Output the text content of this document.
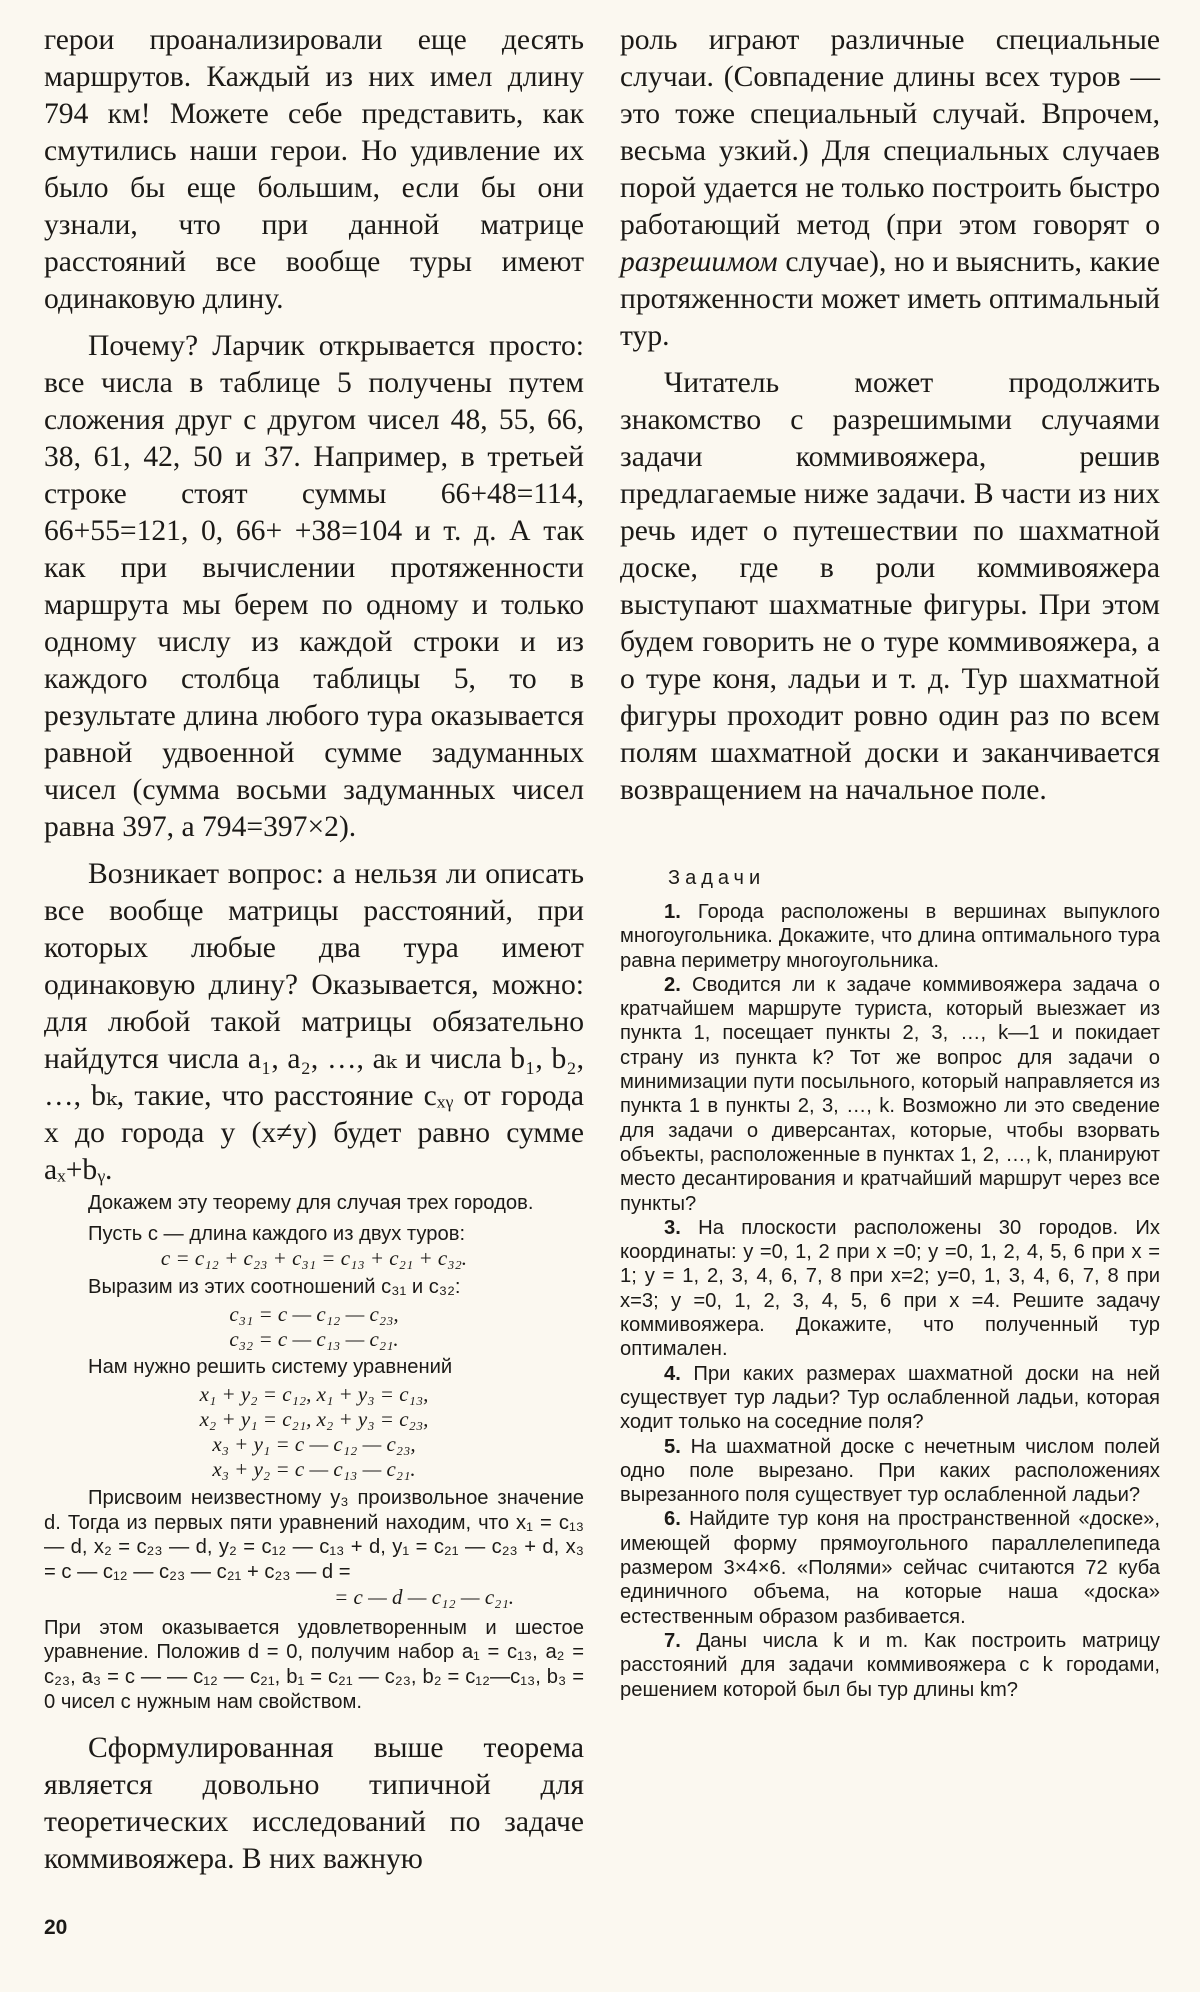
герои проанализировали еще десять маршрутов. Каждый из них имел длину 794 км! Можете себе представить, как смутились наши герои. Но удивление их было бы еще большим, если бы они узнали, что при данной матрице расстояний все вообще туры имеют одинаковую длину.

Почему? Ларчик открывается просто: все числа в таблице 5 получены путем сложения друг с другом чисел 48, 55, 66, 38, 61, 42, 50 и 37. Например, в третьей строке стоят суммы 66+48=114, 66+55=121, 0, 66+ +38=104 и т. д. А так как при вычислении протяженности маршрута мы берем по одному и только одному числу из каждой строки и из каждого столбца таблицы 5, то в результате длина любого тура оказывается равной удвоенной сумме задуманных чисел (сумма восьми задуманных чисел равна 397, а 794=397×2).

Возникает вопрос: а нельзя ли описать все вообще матрицы расстояний, при которых любые два тура имеют одинаковую длину? Оказывается, можно: для любой такой матрицы обязательно найдутся числа a₁, a₂, …, aₖ и числа b₁, b₂, …, bₖ, такие, что расстояние cₓᵧ от города x до города y (x≠y) будет равно сумме aₓ+bᵧ.

Докажем эту теорему для случая трех городов.

Пусть c — длина каждого из двух туров:

c = c₁₂ + c₂₃ + c₃₁ = c₁₃ + c₂₁ + c₃₂.

Выразим из этих соотношений c₃₁ и c₃₂:

c₃₁ = c — c₁₂ — c₂₃,

c₃₂ = c — c₁₃ — c₂₁.

Нам нужно решить систему уравнений

x₁ + y₂ = c₁₂, x₁ + y₃ = c₁₃,

x₂ + y₁ = c₂₁, x₂ + y₃ = c₂₃,

x₃ + y₁ = c — c₁₂ — c₂₃,

x₃ + y₂ = c — c₁₃ — c₂₁.

Присвоим неизвестному y₃ произвольное значение d. Тогда из первых пяти уравнений находим, что x₁ = c₁₃ — d, x₂ = c₂₃ — d, y₂ = c₁₂ — c₁₃ + d, y₁ = c₂₁ — c₂₃ + d, x₃ = c — c₁₂ — c₂₃ — c₂₁ + c₂₃ — d =

= c — d — c₁₂ — c₂₁.

При этом оказывается удовлетворенным и шестое уравнение. Положив d = 0, получим набор a₁ = c₁₃, a₂ = c₂₃, a₃ = c — — c₁₂ — c₂₁, b₁ = c₂₁ — c₂₃, b₂ = c₁₂—c₁₃, b₃ = 0 чисел с нужным нам свойством.

Сформулированная выше теорема является довольно типичной для теоретических исследований по задаче коммивояжера. В них важную

роль играют различные специальные случаи. (Совпадение длины всех туров — это тоже специальный случай. Впрочем, весьма узкий.) Для специальных случаев порой удается не только построить быстро работающий метод (при этом говорят о разрешимом случае), но и выяснить, какие протяженности может иметь оптимальный тур.

Читатель может продолжить знакомство с разрешимыми случаями задачи коммивояжера, решив предлагаемые ниже задачи. В части из них речь идет о путешествии по шахматной доске, где в роли коммивояжера выступают шахматные фигуры. При этом будем говорить не о туре коммивояжера, а о туре коня, ладьи и т. д. Тур шахматной фигуры проходит ровно один раз по всем полям шахматной доски и заканчивается возвращением на начальное поле.

Задачи

1. Города расположены в вершинах выпуклого многоугольника. Докажите, что длина оптимального тура равна периметру многоугольника.

2. Сводится ли к задаче коммивояжера задача о кратчайшем маршруте туриста, который выезжает из пункта 1, посещает пункты 2, 3, …, k—1 и покидает страну из пункта k? Тот же вопрос для задачи о минимизации пути посыльного, который направляется из пункта 1 в пункты 2, 3, …, k. Возможно ли это сведение для задачи о диверсантах, которые, чтобы взорвать объекты, расположенные в пунктах 1, 2, …, k, планируют место десантирования и кратчайший маршрут через все пункты?

3. На плоскости расположены 30 городов. Их координаты: y =0, 1, 2 при x =0; y =0, 1, 2, 4, 5, 6 при x = 1; y = 1, 2, 3, 4, 6, 7, 8 при x=2; y=0, 1, 3, 4, 6, 7, 8 при x=3; y =0, 1, 2, 3, 4, 5, 6 при x =4. Решите задачу коммивояжера. Докажите, что полученный тур оптимален.

4. При каких размерах шахматной доски на ней существует тур ладьи? Тур ослабленной ладьи, которая ходит только на соседние поля?

5. На шахматной доске с нечетным числом полей одно поле вырезано. При каких расположениях вырезанного поля существует тур ослабленной ладьи?

6. Найдите тур коня на пространственной «доске», имеющей форму прямоугольного параллелепипеда размером 3×4×6. «Полями» сейчас считаются 72 куба единичного объема, на которые наша «доска» естественным образом разбивается.

7. Даны числа k и m. Как построить матрицу расстояний для задачи коммивояжера с k городами, решением которой был бы тур длины km?

20
